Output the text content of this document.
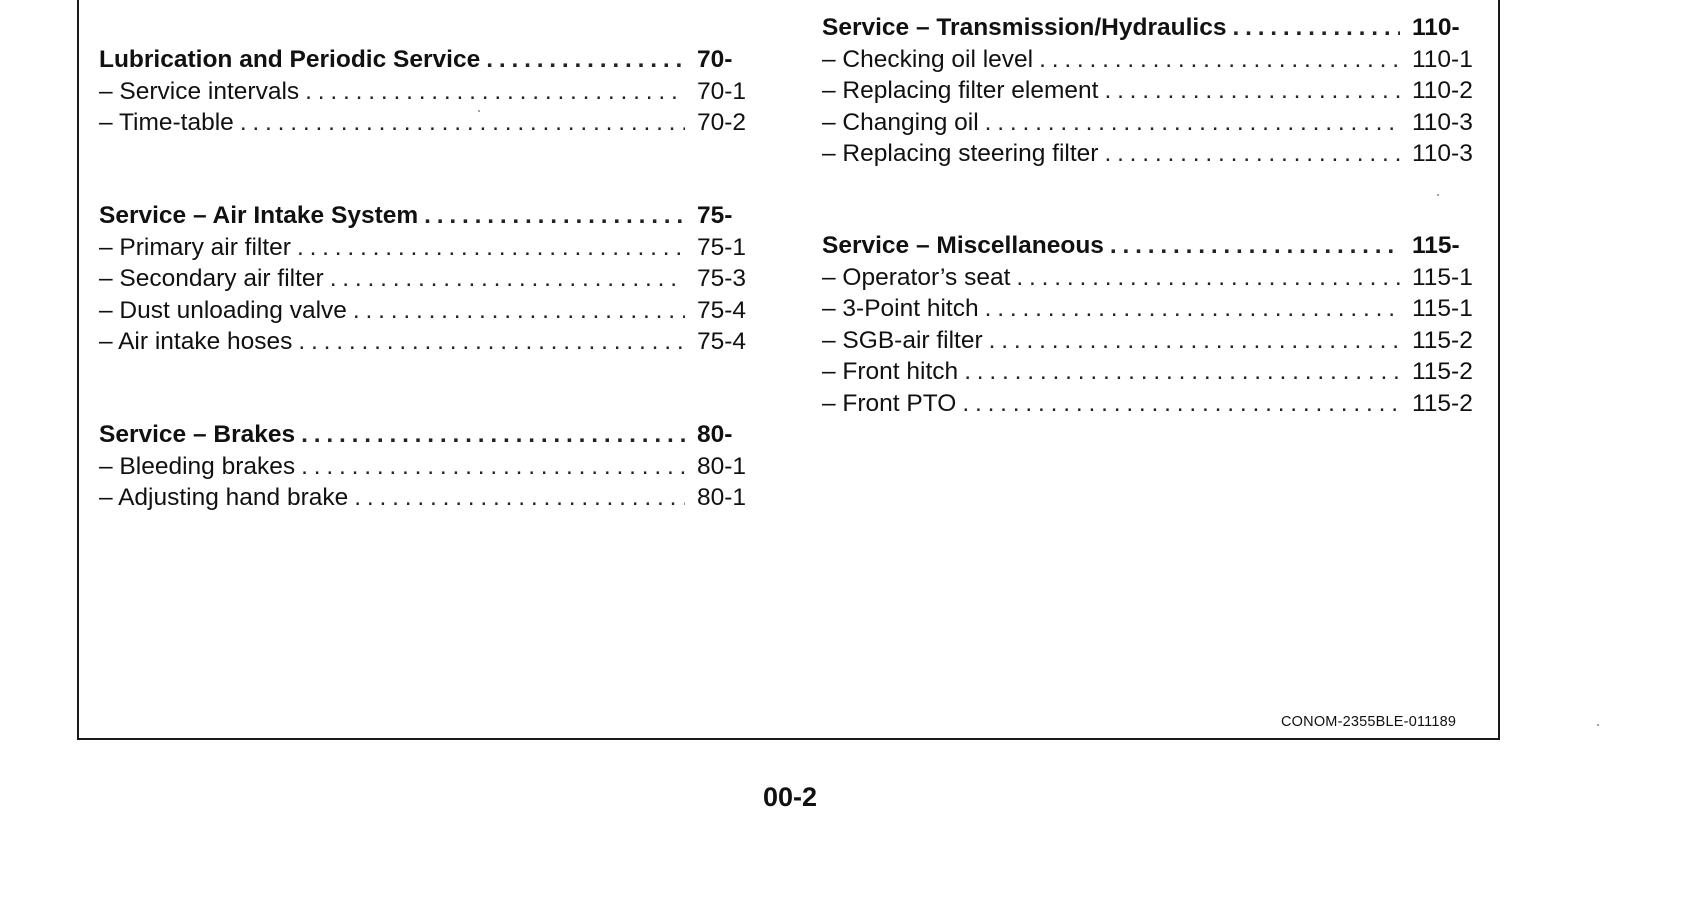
Lubrication and Periodic Service . . .	70-
– Service intervals . . .	70-1
– Time-table . . .	70-2
Service – Air Intake System . . .	75-
– Primary air filter . . .	75-1
– Secondary air filter . . .	75-3
– Dust unloading valve . . .	75-4
– Air intake hoses . . .	75-4
Service – Brakes . . .	80-
– Bleeding brakes . . .	80-1
– Adjusting hand brake . . .	80-1
Service – Transmission/Hydraulics . . .	110-
– Checking oil level . . .	110-1
– Replacing filter element . . .	110-2
– Changing oil . . .	110-3
– Replacing steering filter . . .	110-3
Service – Miscellaneous . . .	115-
– Operator’s seat . . .	115-1
– 3-Point hitch . . .	115-1
– SGB-air filter . . .	115-2
– Front hitch . . .	115-2
– Front PTO . . .	115-2
CONOM-2355BLE-011189
00-2
